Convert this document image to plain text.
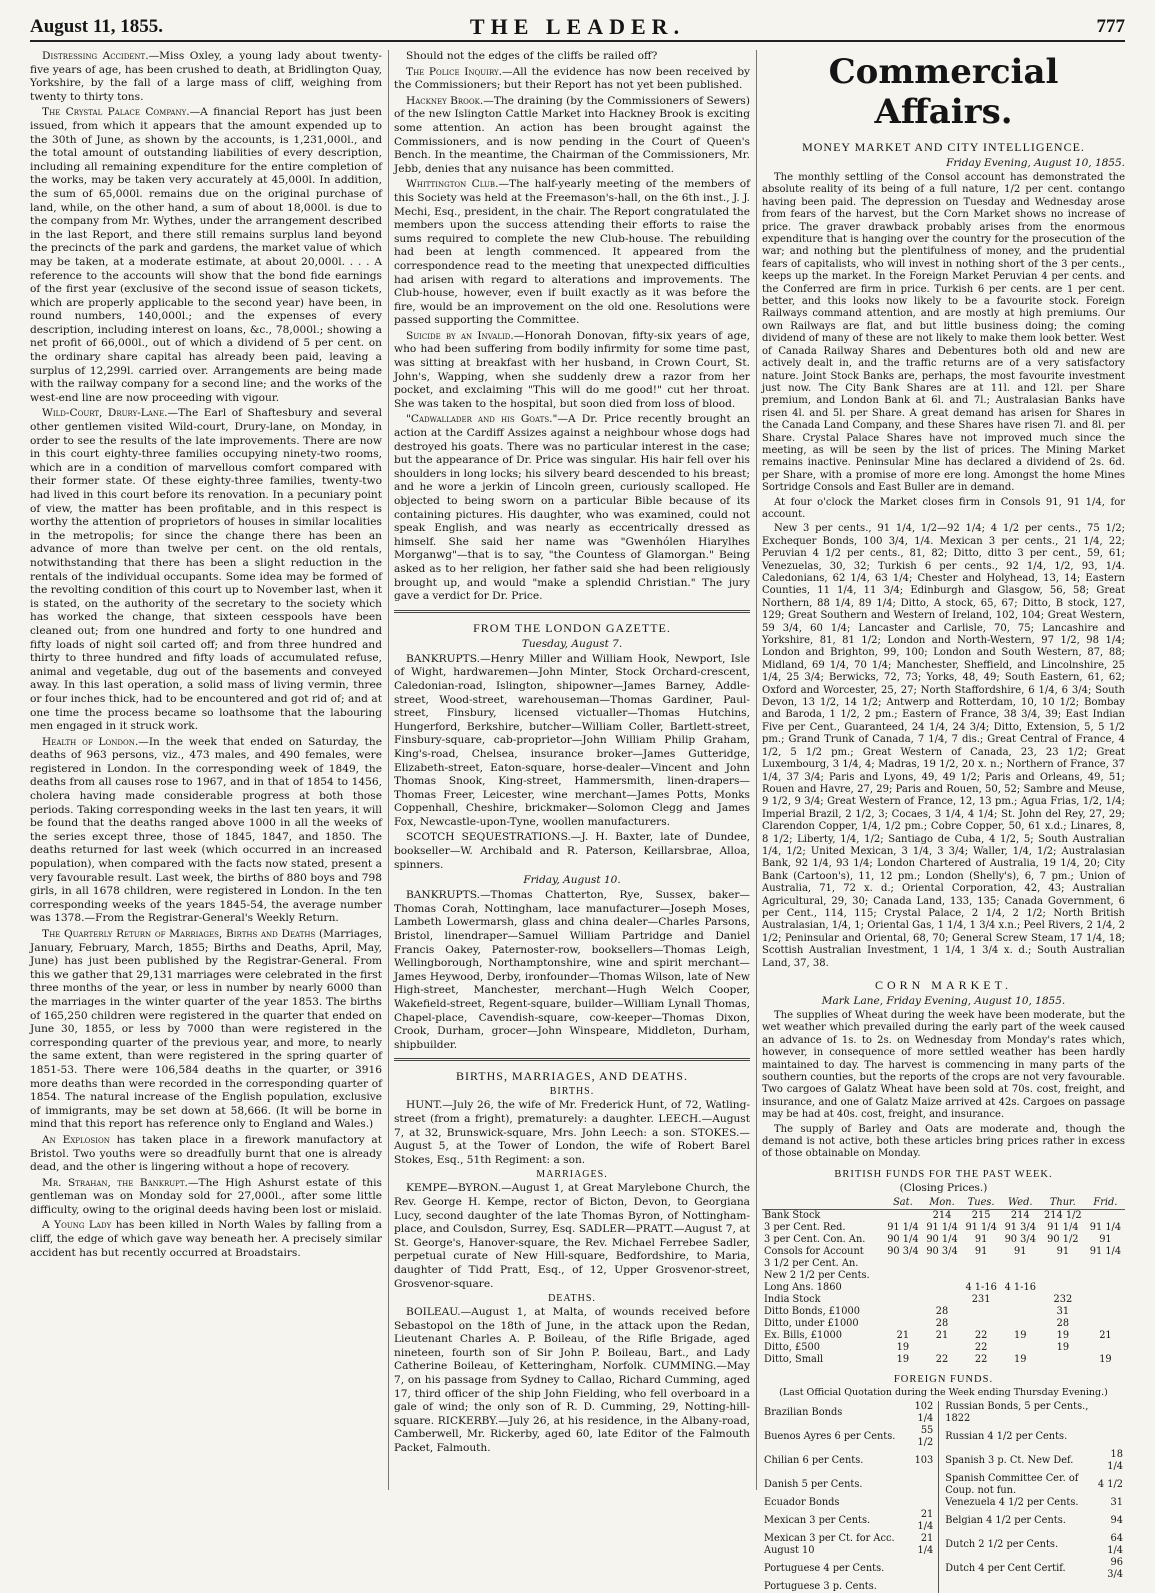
August 11, 1855.	THE LEADER.	777

Distressing Accident.—Miss Oxley, a young lady about twenty-five years of age, has been crushed to death, at Bridlington Quay, Yorkshire, by the fall of a large mass of cliff, weighing from twenty to thirty tons.

The Crystal Palace Company.—A financial Report has just been issued, from which it appears that the amount expended up to the 30th of June, as shown by the accounts, is 1,231,000l., and the total amount of outstanding liabilities of every description, including all remaining expenditure for the entire completion of the works, may be taken very accurately at 45,000l. In addition, the sum of 65,000l. remains due on the original purchase of land, while, on the other hand, a sum of about 18,000l. is due to the company from Mr. Wythes, under the arrangement described in the last Report, and there still remains surplus land beyond the precincts of the park and gardens, the market value of which may be taken, at a moderate estimate, at about 20,000l. . . . A reference to the accounts will show that the bond fide earnings of the first year (exclusive of the second issue of season tickets, which are properly applicable to the second year) have been, in round numbers, 140,000l.; and the expenses of every description, including interest on loans, &c., 78,000l.; showing a net profit of 66,000l., out of which a dividend of 5 per cent. on the ordinary share capital has already been paid, leaving a surplus of 12,299l. carried over. Arrangements are being made with the railway company for a second line; and the works of the west-end line are now proceeding with vigour.

Wild-Court, Drury-Lane.—The Earl of Shaftesbury and several other gentlemen visited Wild-court, Drury-lane, on Monday, in order to see the results of the late improvements. There are now in this court eighty-three families occupying ninety-two rooms, which are in a condition of marvellous comfort compared with their former state. Of these eighty-three families, twenty-two had lived in this court before its renovation. In a pecuniary point of view, the matter has been profitable, and in this respect is worthy the attention of proprietors of houses in similar localities in the metropolis; for since the change there has been an advance of more than twelve per cent. on the old rentals, notwithstanding that there has been a slight reduction in the rentals of the individual occupants. Some idea may be formed of the revolting condition of this court up to November last, when it is stated, on the authority of the secretary to the society which has worked the change, that sixteen cesspools have been cleaned out; from one hundred and forty to one hundred and fifty loads of night soil carted off; and from three hundred and thirty to three hundred and fifty loads of accumulated refuse, animal and vegetable, dug out of the basements and conveyed away. In this last operation, a solid mass of living vermin, three or four inches thick, had to be encountered and got rid of; and at one time the process became so loathsome that the labouring men engaged in it struck work.

Health of London.—In the week that ended on Saturday, the deaths of 963 persons, viz., 473 males, and 490 females, were registered in London. In the corresponding week of 1849, the deaths from all causes rose to 1967, and in that of 1854 to 1456, cholera having made considerable progress at both those periods. Taking corresponding weeks in the last ten years, it will be found that the deaths ranged above 1000 in all the weeks of the series except three, those of 1845, 1847, and 1850. The deaths returned for last week (which occurred in an increased population), when compared with the facts now stated, present a very favourable result. Last week, the births of 880 boys and 798 girls, in all 1678 children, were registered in London. In the ten corresponding weeks of the years 1845-54, the average number was 1378.—From the Registrar-General's Weekly Return.

The Quarterly Return of Marriages, Births and Deaths (Marriages, January, February, March, 1855; Births and Deaths, April, May, June) has just been published by the Registrar-General. From this we gather that 29,131 marriages were celebrated in the first three months of the year, or less in number by nearly 6000 than the marriages in the winter quarter of the year 1853. The births of 165,250 children were registered in the quarter that ended on June 30, 1855, or less by 7000 than were registered in the corresponding quarter of the previous year, and more, to nearly the same extent, than were registered in the spring quarter of 1851-53. There were 106,584 deaths in the quarter, or 3916 more deaths than were recorded in the corresponding quarter of 1854. The natural increase of the English population, exclusive of immigrants, may be set down at 58,666. (It will be borne in mind that this report has reference only to England and Wales.)

An Explosion has taken place in a firework manufactory at Bristol. Two youths were so dreadfully burnt that one is already dead, and the other is lingering without a hope of recovery.

Mr. Strahan, the Bankrupt.—The High Ashurst estate of this gentleman was on Monday sold for 27,000l., after some little difficulty, owing to the original deeds having been lost or mislaid.

A Young Lady has been killed in North Wales by falling from a cliff, the edge of which gave way beneath her. A precisely similar accident has but recently occurred at Broadstairs.

Should not the edges of the cliffs be railed off?

The Police Inquiry.—All the evidence has now been received by the Commissioners; but their Report has not yet been published.

Hackney Brook.—The draining (by the Commissioners of Sewers) of the new Islington Cattle Market into Hackney Brook is exciting some attention. An action has been brought against the Commissioners, and is now pending in the Court of Queen's Bench. In the meantime, the Chairman of the Commissioners, Mr. Jebb, denies that any nuisance has been committed.

Whittington Club.—The half-yearly meeting of the members of this Society was held at the Freemason's-hall, on the 6th inst., J. J. Mechi, Esq., president, in the chair. The Report congratulated the members upon the success attending their efforts to raise the sums required to complete the new Club-house. The rebuilding had been at length commenced. It appeared from the correspondence read to the meeting that unexpected difficulties had arisen with regard to alterations and improvements. The Club-house, however, even if built exactly as it was before the fire, would be an improvement on the old one. Resolutions were passed supporting the Committee.

Suicide by an Invalid.—Honorah Donovan, fifty-six years of age, who had been suffering from bodily infirmity for some time past, was sitting at breakfast with her husband, in Crown Court, St. John's, Wapping, when she suddenly drew a razor from her pocket, and exclaiming "This will do me good!" cut her throat. She was taken to the hospital, but soon died from loss of blood.

"Cadwallader and his Goats."—A Dr. Price recently brought an action at the Cardiff Assizes against a neighbour whose dogs had destroyed his goats. There was no particular interest in the case; but the appearance of Dr. Price was singular. His hair fell over his shoulders in long locks; his silvery beard descended to his breast; and he wore a jerkin of Lincoln green, curiously scalloped. He objected to being sworn on a particular Bible because of its containing pictures. His daughter, who was examined, could not speak English, and was nearly as eccentrically dressed as himself. She said her name was "Gwenhólen Hiarylhes Morganwg"—that is to say, "the Countess of Glamorgan." Being asked as to her religion, her father said she had been religiously brought up, and would "make a splendid Christian." The jury gave a verdict for Dr. Price.

FROM THE LONDON GAZETTE.
Tuesday, August 7.

BANKRUPTS.—Henry Miller and William Hook, Newport, Isle of Wight, hardwaremen—John Minter, Stock Orchard-crescent, Caledonian-road, Islington, shipowner—James Barney, Addle-street, Wood-street, warehouseman—Thomas Gardiner, Paul-street, Finsbury, licensed victualler—Thomas Hutchins, Hungerford, Berkshire, butcher—William Coller, Bartlett-street, Finsbury-square, cab-proprietor—John William Philip Graham, King's-road, Chelsea, insurance broker—James Gutteridge, Elizabeth-street, Eaton-square, horse-dealer—Vincent and John Thomas Snook, King-street, Hammersmith, linen-drapers—Thomas Freer, Leicester, wine merchant—James Potts, Monks Coppenhall, Cheshire, brickmaker—Solomon Clegg and James Fox, Newcastle-upon-Tyne, woollen manufacturers.

SCOTCH SEQUESTRATIONS.—J. H. Baxter, late of Dundee, bookseller—W. Archibald and R. Paterson, Keillarsbrae, Alloa, spinners.

Friday, August 10.

BANKRUPTS.—Thomas Chatterton, Rye, Sussex, baker—Thomas Corah, Nottingham, lace manufacturer—Joseph Moses, Lambeth Lowermarsh, glass and china dealer—Charles Parsons, Bristol, linendraper—Samuel William Partridge and Daniel Francis Oakey, Paternoster-row, booksellers—Thomas Leigh, Wellingborough, Northamptonshire, wine and spirit merchant—James Heywood, Derby, ironfounder—Thomas Wilson, late of New High-street, Manchester, merchant—Hugh Welch Cooper, Wakefield-street, Regent-square, builder—William Lynall Thomas, Chapel-place, Cavendish-square, cow-keeper—Thomas Dixon, Crook, Durham, grocer—John Winspeare, Middleton, Durham, shipbuilder.

BIRTHS, MARRIAGES, AND DEATHS.
BIRTHS.

HUNT.—July 26, the wife of Mr. Frederick Hunt, of 72, Watling-street (from a fright), prematurely: a daughter. LEECH.—August 7, at 32, Brunswick-square, Mrs. John Leech: a son. STOKES.—August 5, at the Tower of London, the wife of Robert Barel Stokes, Esq., 51th Regiment: a son.

MARRIAGES.

KEMPE—BYRON.—August 1, at Great Marylebone Church, the Rev. George H. Kempe, rector of Bicton, Devon, to Georgiana Lucy, second daughter of the late Thomas Byron, of Nottingham-place, and Coulsdon, Surrey, Esq. SADLER—PRATT.—August 7, at St. George's, Hanover-square, the Rev. Michael Ferrebee Sadler, perpetual curate of New Hill-square, Bedfordshire, to Maria, daughter of Tidd Pratt, Esq., of 12, Upper Grosvenor-street, Grosvenor-square.

DEATHS.

BOILEAU.—August 1, at Malta, of wounds received before Sebastopol on the 18th of June, in the attack upon the Redan, Lieutenant Charles A. P. Boileau, of the Rifle Brigade, aged nineteen, fourth son of Sir John P. Boileau, Bart., and Lady Catherine Boileau, of Ketteringham, Norfolk. CUMMING.—May 7, on his passage from Sydney to Callao, Richard Cumming, aged 17, third officer of the ship John Fielding, who fell overboard in a gale of wind; the only son of R. D. Cumming, 29, Notting-hill-square. RICKERBY.—July 26, at his residence, in the Albany-road, Camberwell, Mr. Rickerby, aged 60, late Editor of the Falmouth Packet, Falmouth.

Commercial Affairs.
MONEY MARKET AND CITY INTELLIGENCE.
Friday Evening, August 10, 1855.

The monthly settling of the Consol account has demonstrated the absolute reality of its being of a full nature, 1/2 per cent. contango having been paid. The depression on Tuesday and Wednesday arose from fears of the harvest, but the Corn Market shows no increase of price. The graver drawback probably arises from the enormous expenditure that is hanging over the country for the prosecution of the war; and nothing but the plentifulness of money, and the prudential fears of capitalists, who will invest in nothing short of the 3 per cents., keeps up the market. In the Foreign Market Peruvian 4 per cents. and the Conferred are firm in price. Turkish 6 per cents. are 1 per cent. better, and this looks now likely to be a favourite stock. Foreign Railways command attention, and are mostly at high premiums. Our own Railways are flat, and but little business doing; the coming dividend of many of these are not likely to make them look better. West of Canada Railway Shares and Debentures both old and new are actively dealt in, and the traffic returns are of a very satisfactory nature. Joint Stock Banks are, perhaps, the most favourite investment just now. The City Bank Shares are at 11l. and 12l. per Share premium, and London Bank at 6l. and 7l.; Australasian Banks have risen 4l. and 5l. per Share. A great demand has arisen for Shares in the Canada Land Company, and these Shares have risen 7l. and 8l. per Share. Crystal Palace Shares have not improved much since the meeting, as will be seen by the list of prices. The Mining Market remains inactive. Peninsular Mine has declared a dividend of 2s. 6d. per Share, with a promise of more ere long. Amongst the home Mines Sortridge Consols and East Buller are in demand.

At four o'clock the Market closes firm in Consols 91, 91 1/4, for account.

New 3 per cents., 91 1/4, 1/2—92 1/4; 4 1/2 per cents., 75 1/2; Exchequer Bonds, 100 3/4, 1/4. Mexican 3 per cents., 21 1/4, 22; Peruvian 4 1/2 per cents., 81, 82; Ditto, ditto 3 per cent., 59, 61; Venezuelas, 30, 32; Turkish 6 per cents., 92 1/4, 1/2, 93, 1/4. Caledonians, 62 1/4, 63 1/4; Chester and Holyhead, 13, 14; Eastern Counties, 11 1/4, 11 3/4; Edinburgh and Glasgow, 56, 58; Great Northern, 88 1/4, 89 1/4; Ditto, A stock, 65, 67; Ditto, B stock, 127, 129; Great Southern and Western of Ireland, 102, 104; Great Western, 59 3/4, 60 1/4; Lancaster and Carlisle, 70, 75; Lancashire and Yorkshire, 81, 81 1/2; London and North-Western, 97 1/2, 98 1/4; London and Brighton, 99, 100; London and South Western, 87, 88; Midland, 69 1/4, 70 1/4; Manchester, Sheffield, and Lincolnshire, 25 1/4, 25 3/4; Berwicks, 72, 73; Yorks, 48, 49; South Eastern, 61, 62; Oxford and Worcester, 25, 27; North Staffordshire, 6 1/4, 6 3/4; South Devon, 13 1/2, 14 1/2; Antwerp and Rotterdam, 10, 10 1/2; Bombay and Baroda, 1 1/2, 2 pm.; Eastern of France, 38 3/4, 39; East Indian Five per Cent., Guaranteed, 24 1/4, 24 3/4; Ditto, Extension, 5, 5 1/2 pm.; Grand Trunk of Canada, 7 1/4, 7 dis.; Great Central of France, 4 1/2, 5 1/2 pm.; Great Western of Canada, 23, 23 1/2; Great Luxembourg, 3 1/4, 4; Madras, 19 1/2, 20 x. n.; Northern of France, 37 1/4, 37 3/4; Paris and Lyons, 49, 49 1/2; Paris and Orleans, 49, 51; Rouen and Havre, 27, 29; Paris and Rouen, 50, 52; Sambre and Meuse, 9 1/2, 9 3/4; Great Western of France, 12, 13 pm.; Agua Frias, 1/2, 1/4; Imperial Brazil, 2 1/2, 3; Cocaes, 3 1/4, 4 1/4; St. John del Rey, 27, 29; Clarendon Copper, 1/4, 1/2 pm.; Cobre Copper, 50, 61 x.d.; Linares, 8, 8 1/2; Liberty, 1/4, 1/2; Santiago de Cuba, 4 1/2, 5; South Australian 1/4, 1/2; United Mexican, 3 1/4, 3 3/4; Waller, 1/4, 1/2; Australasian Bank, 92 1/4, 93 1/4; London Chartered of Australia, 19 1/4, 20; City Bank (Cartoon's), 11, 12 pm.; London (Shelly's), 6, 7 pm.; Union of Australia, 71, 72 x. d.; Oriental Corporation, 42, 43; Australian Agricultural, 29, 30; Canada Land, 133, 135; Canada Government, 6 per Cent., 114, 115; Crystal Palace, 2 1/4, 2 1/2; North British Australasian, 1/4, 1; Oriental Gas, 1 1/4, 1 3/4 x.n.; Peel Rivers, 2 1/4, 2 1/2; Peninsular and Oriental, 68, 70; General Screw Steam, 17 1/4, 18; Scottish Australian Investment, 1 1/4, 1 3/4 x. d.; South Australian Land, 37, 38.

CORN MARKET.
Mark Lane, Friday Evening, August 10, 1855.

The supplies of Wheat during the week have been moderate, but the wet weather which prevailed during the early part of the week caused an advance of 1s. to 2s. on Wednesday from Monday's rates which, however, in consequence of more settled weather has been hardly maintained to day. The harvest is commencing in many parts of the southern counties, but the reports of the crops are not very favourable. Two cargoes of Galatz Wheat have been sold at 70s. cost, freight, and insurance, and one of Galatz Maize arrived at 42s. Cargoes on passage may be had at 40s. cost, freight, and insurance.

The supply of Barley and Oats are moderate and, though the demand is not active, both these articles bring prices rather in excess of those obtainable on Monday.

BRITISH FUNDS FOR THE PAST WEEK.
(Closing Prices.)
	Sat.	Mon.	Tues.	Wed.	Thur.	Frid.
Bank Stock		214	215	214	214 1/2	
3 per Cent. Red.	91 1/4	91 1/4	91 1/4	91 3/4	91 1/4	91 1/4
3 per Cent. Con. An.	90 1/4	90 1/4	91	90 3/4	90 1/2	91
Consols for Account	90 3/4	90 3/4	91	91	91	91 1/4
3 1/2 per Cent. An.						
New 2 1/2 per Cents.						
Long Ans. 1860			4 1-16	4 1-16		
India Stock			231		232	
Ditto Bonds, £1000		28			31	
Ditto, under £1000		28			28	
Ex. Bills, £1000	21	21	22	19	19	21
Ditto, £500	19		22		19	
Ditto, Small	19	22	22	19		19
FOREIGN FUNDS.
(Last Official Quotation during the Week ending Thursday Evening.)
Brazilian Bonds	102 1/4	Russian Bonds, 5 per Cents., 1822	
Buenos Ayres 6 per Cents.	55 1/2	Russian 4 1/2 per Cents.	
Chilian 6 per Cents.	103	Spanish 3 p. Ct. New Def.	18 1/4
Danish 5 per Cents.		Spanish Committee Cer. of Coup. not fun.	4 1/2
Ecuador Bonds		Venezuela 4 1/2 per Cents.	31
Mexican 3 per Cents.	21 1/4	Belgian 4 1/2 per Cents.	94
Mexican 3 per Ct. for Acc. August 10	21 1/4	Dutch 2 1/2 per Cents.	64 1/4
Portuguese 4 per Cents.		Dutch 4 per Cent Certif.	96 3/4
Portuguese 3 p. Cents.			
